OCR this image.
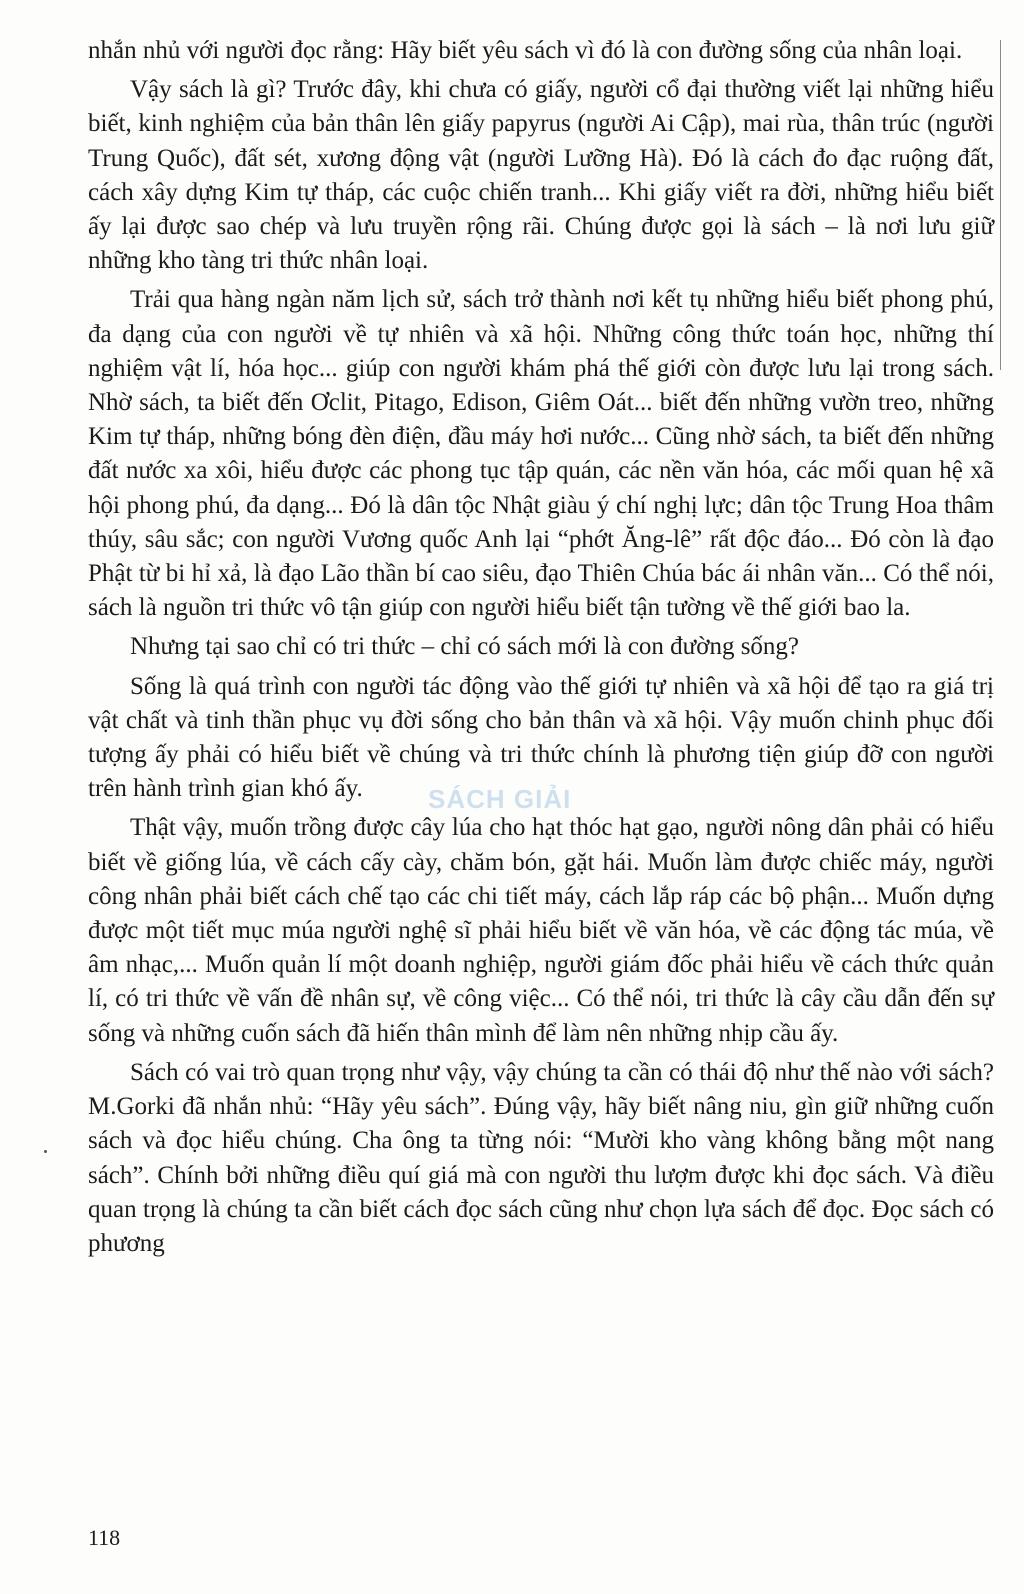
SÁCH GIẢI

nhắn nhủ với người đọc rằng: Hãy biết yêu sách vì đó là con đường sống của nhân loại.

Vậy sách là gì? Trước đây, khi chưa có giấy, người cổ đại thường viết lại những hiểu biết, kinh nghiệm của bản thân lên giấy papyrus (người Ai Cập), mai rùa, thân trúc (người Trung Quốc), đất sét, xương động vật (người Lưỡng Hà). Đó là cách đo đạc ruộng đất, cách xây dựng Kim tự tháp, các cuộc chiến tranh... Khi giấy viết ra đời, những hiểu biết ấy lại được sao chép và lưu truyền rộng rãi. Chúng được gọi là sách – là nơi lưu giữ những kho tàng tri thức nhân loại.

Trải qua hàng ngàn năm lịch sử, sách trở thành nơi kết tụ những hiểu biết phong phú, đa dạng của con người về tự nhiên và xã hội. Những công thức toán học, những thí nghiệm vật lí, hóa học... giúp con người khám phá thế giới còn được lưu lại trong sách. Nhờ sách, ta biết đến Ơclit, Pitago, Edison, Giêm Oát... biết đến những vườn treo, những Kim tự tháp, những bóng đèn điện, đầu máy hơi nước... Cũng nhờ sách, ta biết đến những đất nước xa xôi, hiểu được các phong tục tập quán, các nền văn hóa, các mối quan hệ xã hội phong phú, đa dạng... Đó là dân tộc Nhật giàu ý chí nghị lực; dân tộc Trung Hoa thâm thúy, sâu sắc; con người Vương quốc Anh lại “phớt Ăng-lê” rất độc đáo... Đó còn là đạo Phật từ bi hỉ xả, là đạo Lão thần bí cao siêu, đạo Thiên Chúa bác ái nhân văn... Có thể nói, sách là nguồn tri thức vô tận giúp con người hiểu biết tận tường về thế giới bao la.

Nhưng tại sao chỉ có tri thức – chỉ có sách mới là con đường sống?

Sống là quá trình con người tác động vào thế giới tự nhiên và xã hội để tạo ra giá trị vật chất và tinh thần phục vụ đời sống cho bản thân và xã hội. Vậy muốn chinh phục đối tượng ấy phải có hiểu biết về chúng và tri thức chính là phương tiện giúp đỡ con người trên hành trình gian khó ấy.

Thật vậy, muốn trồng được cây lúa cho hạt thóc hạt gạo, người nông dân phải có hiểu biết về giống lúa, về cách cấy cày, chăm bón, gặt hái. Muốn làm được chiếc máy, người công nhân phải biết cách chế tạo các chi tiết máy, cách lắp ráp các bộ phận... Muốn dựng được một tiết mục múa người nghệ sĩ phải hiểu biết về văn hóa, về các động tác múa, về âm nhạc,... Muốn quản lí một doanh nghiệp, người giám đốc phải hiểu về cách thức quản lí, có tri thức về vấn đề nhân sự, về công việc... Có thể nói, tri thức là cây cầu dẫn đến sự sống và những cuốn sách đã hiến thân mình để làm nên những nhịp cầu ấy.

Sách có vai trò quan trọng như vậy, vậy chúng ta cần có thái độ như thế nào với sách? M.Gorki đã nhắn nhủ: “Hãy yêu sách”. Đúng vậy, hãy biết nâng niu, gìn giữ những cuốn sách và đọc hiểu chúng. Cha ông ta từng nói: “Mười kho vàng không bằng một nang sách”. Chính bởi những điều quí giá mà con người thu lượm được khi đọc sách. Và điều quan trọng là chúng ta cần biết cách đọc sách cũng như chọn lựa sách để đọc. Đọc sách có phương

118
